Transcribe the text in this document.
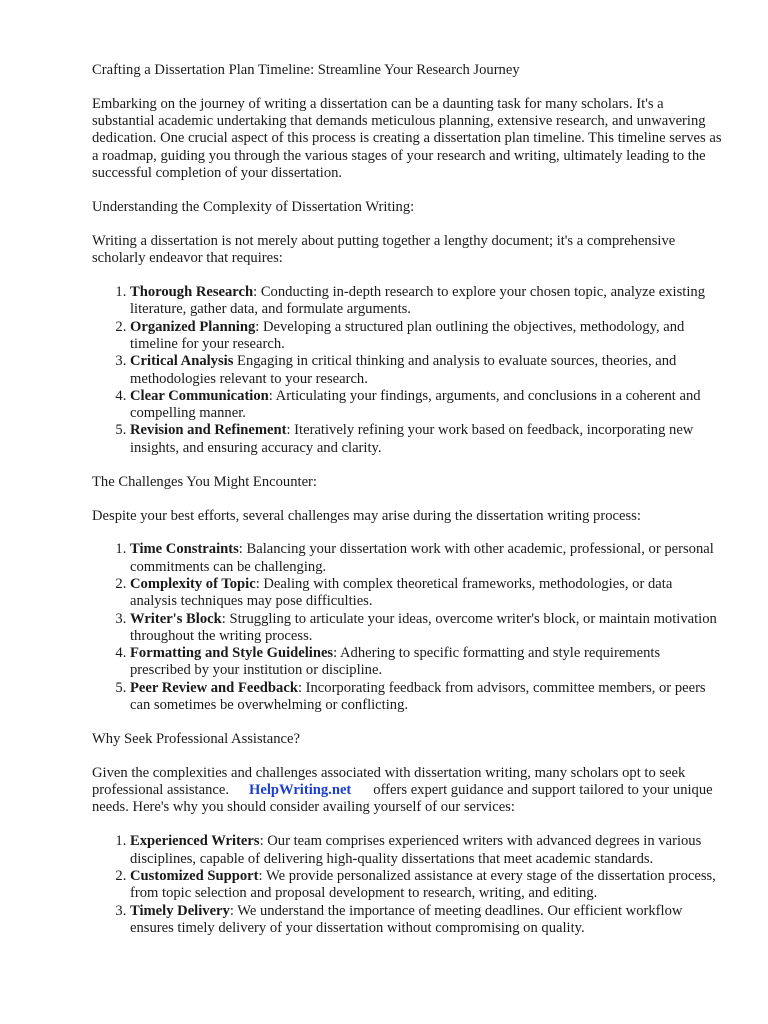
Crafting a Dissertation Plan Timeline: Streamline Your Research Journey

Embarking on the journey of writing a dissertation can be a daunting task for many scholars. It's a substantial academic undertaking that demands meticulous planning, extensive research, and unwavering dedication. One crucial aspect of this process is creating a dissertation plan timeline. This timeline serves as a roadmap, guiding you through the various stages of your research and writing, ultimately leading to the successful completion of your dissertation.

Understanding the Complexity of Dissertation Writing:

Writing a dissertation is not merely about putting together a lengthy document; it's a comprehensive scholarly endeavor that requires:

1. Thorough Research: Conducting in-depth research to explore your chosen topic, analyze existing literature, gather data, and formulate arguments.
2. Organized Planning: Developing a structured plan outlining the objectives, methodology, and timeline for your research.
3. Critical Analysis Engaging in critical thinking and analysis to evaluate sources, theories, and methodologies relevant to your research.
4. Clear Communication: Articulating your findings, arguments, and conclusions in a coherent and compelling manner.
5. Revision and Refinement: Iteratively refining your work based on feedback, incorporating new insights, and ensuring accuracy and clarity.

The Challenges You Might Encounter:

Despite your best efforts, several challenges may arise during the dissertation writing process:

1. Time Constraints: Balancing your dissertation work with other academic, professional, or personal commitments can be challenging.
2. Complexity of Topic: Dealing with complex theoretical frameworks, methodologies, or data analysis techniques may pose difficulties.
3. Writer's Block: Struggling to articulate your ideas, overcome writer's block, or maintain motivation throughout the writing process.
4. Formatting and Style Guidelines: Adhering to specific formatting and style requirements prescribed by your institution or discipline.
5. Peer Review and Feedback: Incorporating feedback from advisors, committee members, or peers can sometimes be overwhelming or conflicting.

Why Seek Professional Assistance?

Given the complexities and challenges associated with dissertation writing, many scholars opt to seek professional assistance. HelpWriting.net offers expert guidance and support tailored to your unique needs. Here's why you should consider availing yourself of our services:

1. Experienced Writers: Our team comprises experienced writers with advanced degrees in various disciplines, capable of delivering high-quality dissertations that meet academic standards.
2. Customized Support: We provide personalized assistance at every stage of the dissertation process, from topic selection and proposal development to research, writing, and editing.
3. Timely Delivery: We understand the importance of meeting deadlines. Our efficient workflow ensures timely delivery of your dissertation without compromising on quality.
